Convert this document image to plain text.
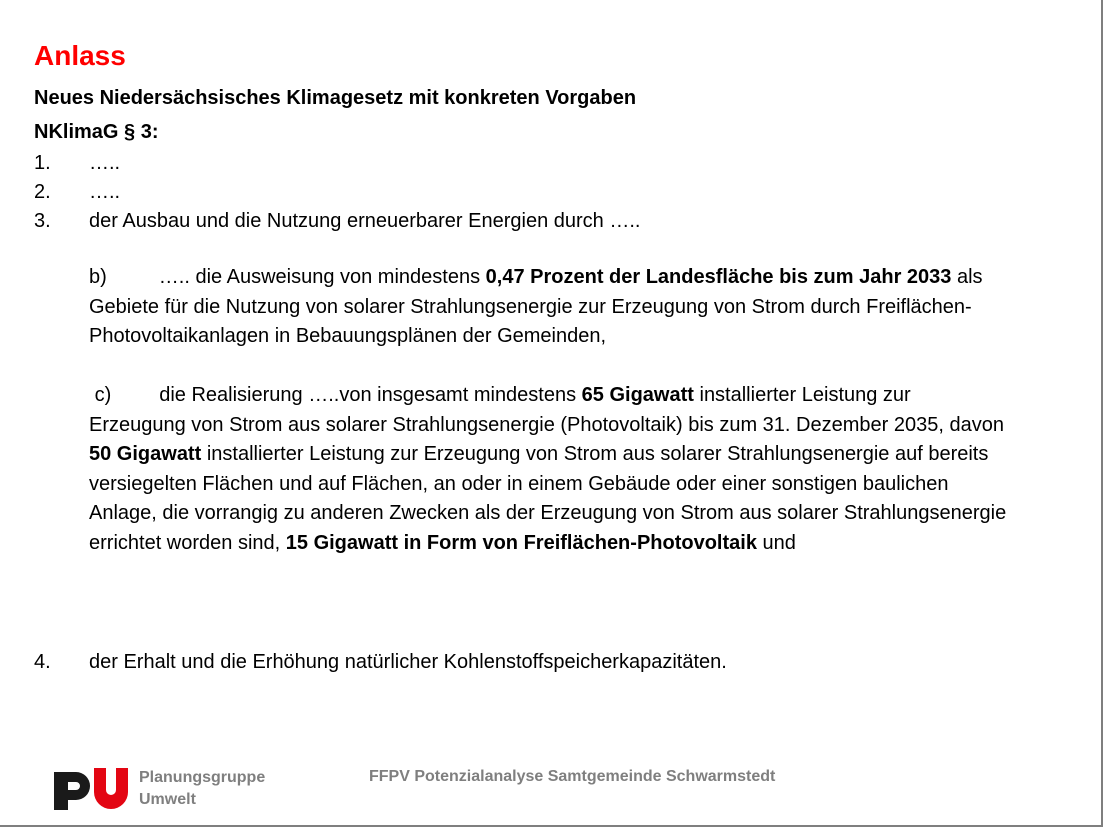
Anlass
Neues Niedersächsisches Klimagesetz mit konkreten Vorgaben
NKlimaG § 3:
1. …..
2. …..
3. der Ausbau und die Nutzung erneuerbarer Energien durch …..
b)	….. die Ausweisung von mindestens 0,47 Prozent der Landesfläche bis zum Jahr 2033 als Gebiete für die Nutzung von solarer Strahlungsenergie zur Erzeugung von Strom durch Freiflächen-Photovoltaikanlagen in Bebauungsplänen der Gemeinden,
c) die Realisierung …..von insgesamt mindestens 65 Gigawatt installierter Leistung zur Erzeugung von Strom aus solarer Strahlungsenergie (Photovoltaik) bis zum 31. Dezember 2035, davon 50 Gigawatt installierter Leistung zur Erzeugung von Strom aus solarer Strahlungsenergie auf bereits versiegelten Flächen und auf Flächen, an oder in einem Gebäude oder einer sonstigen baulichen Anlage, die vorrangig zu anderen Zwecken als der Erzeugung von Strom aus solarer Strahlungsenergie errichtet worden sind, 15 Gigawatt in Form von Freiflächen-Photovoltaik und
4. der Erhalt und die Erhöhung natürlicher Kohlenstoffspeicherkapazitäten.
Planungsgruppe
Umwelt
FFPV Potenzialanalyse Samtgemeinde Schwarmstedt
